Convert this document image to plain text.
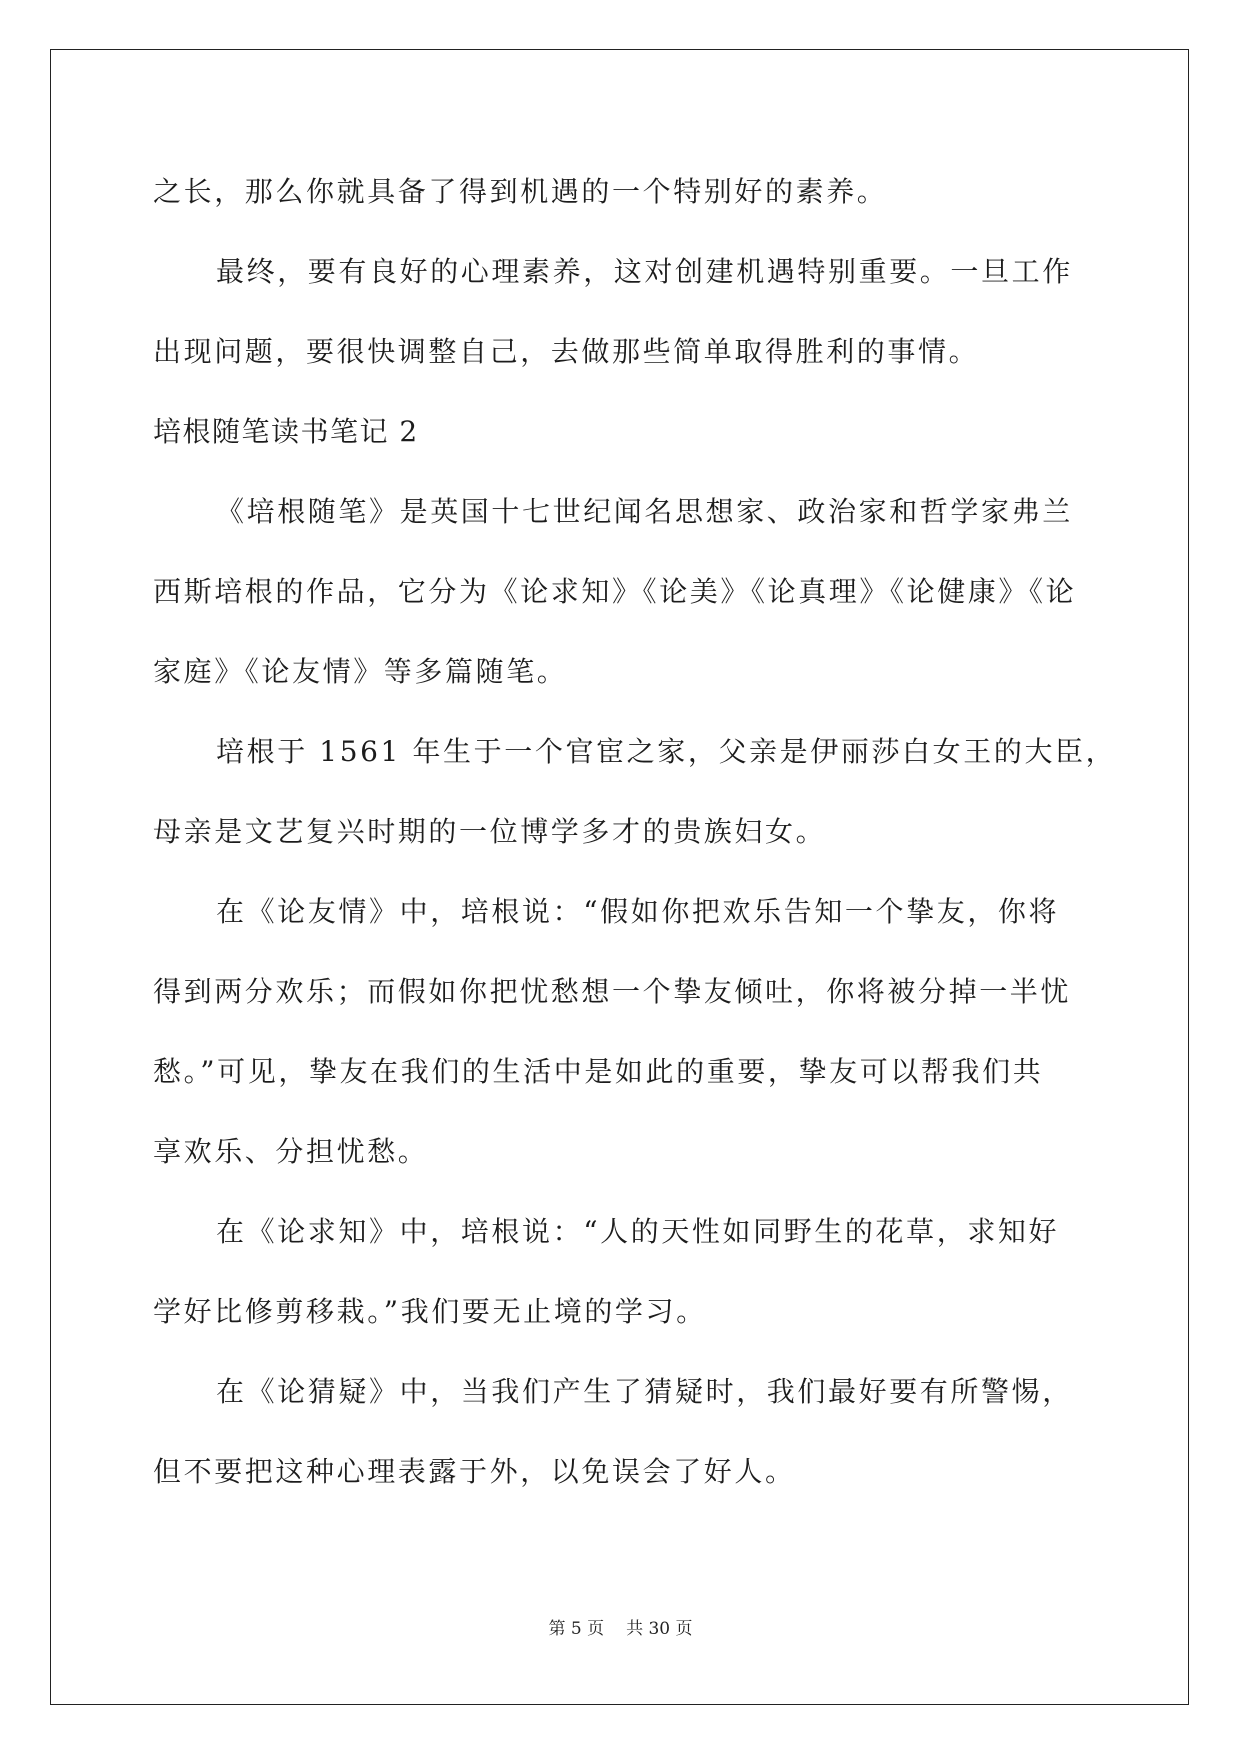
之长，那么你就具备了得到机遇的一个特别好的素养。
最终，要有良好的心理素养，这对创建机遇特别重要。一旦工作
出现问题，要很快调整自己，去做那些简单取得胜利的事情。
培根随笔读书笔记 2
《培根随笔》是英国十七世纪闻名思想家、政治家和哲学家弗兰
西斯培根的作品，它分为《论求知》《论美》《论真理》《论健康》《论
家庭》《论友情》等多篇随笔。
培根于 1561 年生于一个官宦之家，父亲是伊丽莎白女王的大臣，
母亲是文艺复兴时期的一位博学多才的贵族妇女。
在《论友情》中，培根说：“假如你把欢乐告知一个挚友，你将
得到两分欢乐；而假如你把忧愁想一个挚友倾吐，你将被分掉一半忧
愁。”可见，挚友在我们的生活中是如此的重要，挚友可以帮我们共
享欢乐、分担忧愁。
在《论求知》中，培根说：“人的天性如同野生的花草，求知好
学好比修剪移栽。”我们要无止境的学习。
在《论猜疑》中，当我们产生了猜疑时，我们最好要有所警惕，
但不要把这种心理表露于外，以免误会了好人。
第 5 页 共 30 页
